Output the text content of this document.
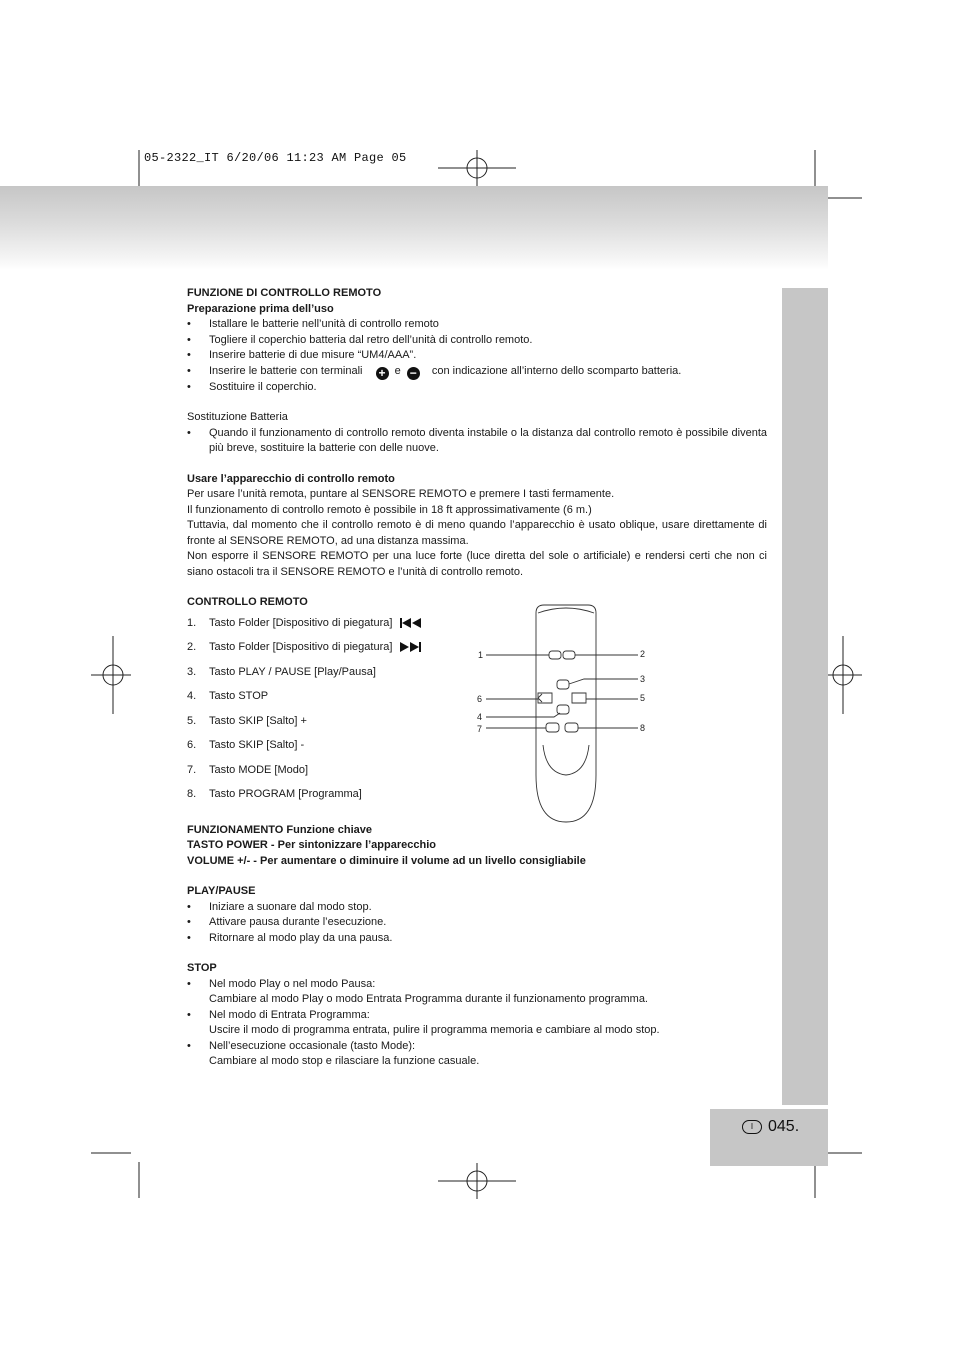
05-2322_IT 6/20/06 11:23 AM Page 05
I 045.

FUNZIONE DI CONTROLLO REMOTO

Preparazione prima dell’uso

• Istallare le batterie nell’unità di controllo remoto
• Togliere il coperchio batteria dal retro dell’unità di controllo remoto.
• Inserire batterie di due misure “UM4/AAA”.
• Inserire le batterie con terminali + e − con indicazione all’interno dello scomparto batteria.
• Sostituire il coperchio.

Sostituzione Batteria

• Quando il funzionamento di controllo remoto diventa instabile o la distanza dal controllo remoto è possibile diventa più breve, sostituire la batterie con delle nuove.

Usare l’apparecchio di controllo remoto

Per usare l’unità remota, puntare al SENSORE REMOTO e premere I tasti fermamente.

Il funzionamento di controllo remoto è possibile in 18 ft approssimativamente (6 m.)

Tuttavia, dal momento che il controllo remoto è di meno quando l’apparecchio è usato oblique, usare direttamente di fronte al SENSORE REMOTO, ad una distanza massima.

Non esporre il SENSORE REMOTO per una luce forte (luce diretta del sole o artificiale) e rendersi certi che non ci siano ostacoli tra il SENSORE REMOTO e l’unità di controllo remoto.

CONTROLLO REMOTO

1. Tasto Folder [Dispositivo di piegatura]
2. Tasto Folder [Dispositivo di piegatura]
3. Tasto PLAY / PAUSE [Play/Pausa]
4. Tasto STOP
5. Tasto SKIP [Salto] +
6. Tasto SKIP [Salto] -
7. Tasto MODE [Modo]
8. Tasto PROGRAM [Programma]

FUNZIONAMENTO Funzione chiave

TASTO POWER - Per sintonizzare l’apparecchio

VOLUME +/- - Per aumentare o diminuire il volume ad un livello consigliabile

PLAY/PAUSE

• Iniziare a suonare dal modo stop.
• Attivare pausa durante l’esecuzione.
• Ritornare al modo play da una pausa.

STOP

• Nel modo Play o nel modo Pausa:
Cambiare al modo Play o modo Entrata Programma durante il funzionamento programma.
• Nel modo di Entrata Programma:
Uscire il modo di programma entrata, pulire il programma memoria e cambiare al modo stop.
• Nell’esecuzione occasionale (tasto Mode):
Cambiare al modo stop e rilasciare la funzione casuale.
1	2
3
6	5
4
7	8
